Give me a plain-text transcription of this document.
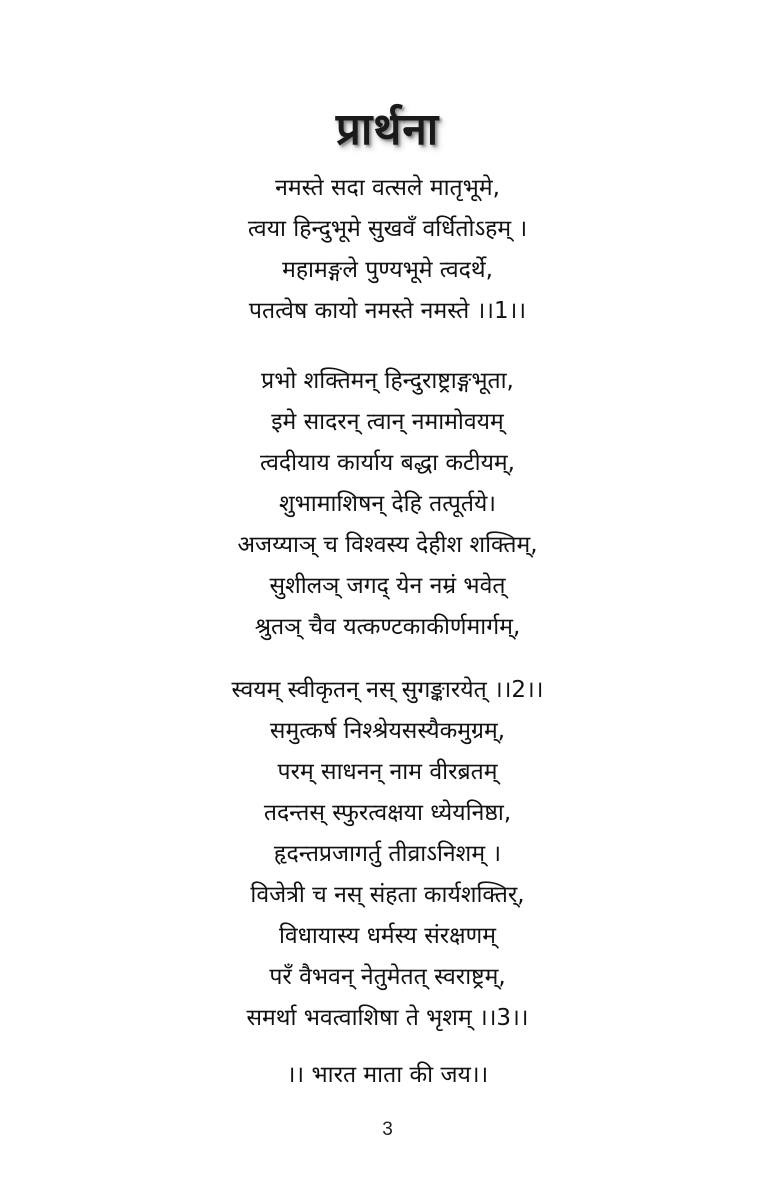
प्रार्थना
नमस्ते सदा वत्सले मातृभूमे,
त्वया हिन्दुभूमे सुखवँ वर्धितोऽहम् ।
महामङ्गले पुण्यभूमे त्वदर्थे,
पतत्वेष कायो नमस्ते नमस्ते ।।1।।
प्रभो शक्तिमन् हिन्दुराष्ट्राङ्गभूता,
इमे सादरन् त्वान् नमामोवयम्
त्वदीयाय कार्याय बद्धा कटीयम्,
शुभामाशिषन् देहि तत्पूर्तये।
अजय्याञ् च विश्वस्य देहीश शक्तिम्,
सुशीलञ् जगद् येन नम्रं भवेत्
श्रुतञ् चैव यत्कण्टकाकीर्णमार्गम्,
स्वयम् स्वीकृतन् नस् सुगङ्कारयेत् ।।2।।
समुत्कर्ष निश्श्रेयसस्यैकमुग्रम्,
परम् साधनन् नाम वीरब्रतम्
तदन्तस् स्फुरत्वक्षया ध्येयनिष्ठा,
हृदन्तप्रजागर्तु तीव्राऽनिशम् ।
विजेत्री च नस् संहता कार्यशक्तिर्,
विधायास्य धर्मस्य संरक्षणम्
परँ वैभवन् नेतुमेतत् स्वराष्ट्रम्,
समर्था भवत्वाशिषा ते भृशम् ।।3।।
।। भारत माता की जय।।
3
